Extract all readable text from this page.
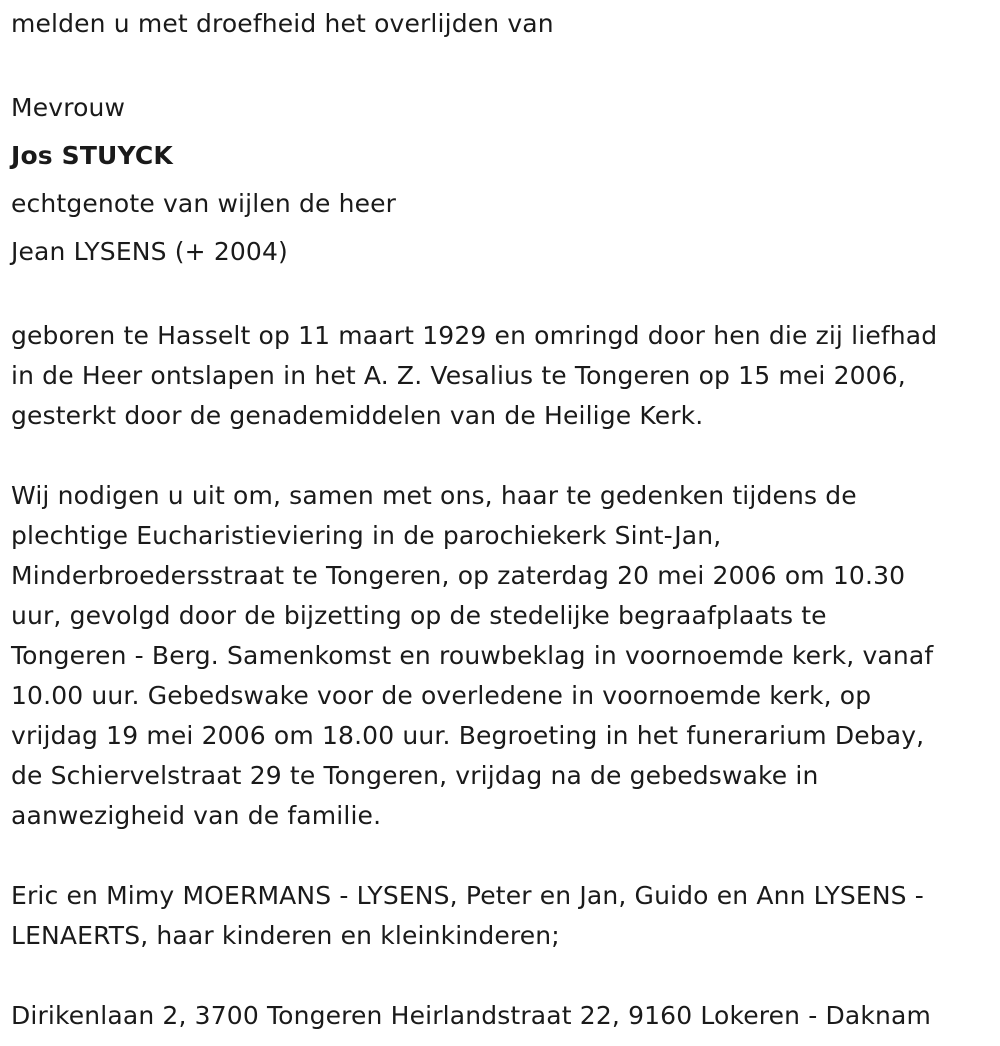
melden u met droefheid het overlijden van

Mevrouw

Jos STUYCK

echtgenote van wijlen de heer

Jean LYSENS (+ 2004)

geboren te Hasselt op 11 maart 1929 en omringd door hen die zij liefhad

in de Heer ontslapen in het A. Z. Vesalius te Tongeren op 15 mei 2006,

gesterkt door de genademiddelen van de Heilige Kerk.

Wij nodigen u uit om, samen met ons, haar te gedenken tijdens de

plechtige Eucharistieviering in de parochiekerk Sint-Jan,

Minderbroedersstraat te Tongeren, op zaterdag 20 mei 2006 om 10.30

uur, gevolgd door de bijzetting op de stedelijke begraafplaats te

Tongeren - Berg. Samenkomst en rouwbeklag in voornoemde kerk, vanaf

10.00 uur. Gebedswake voor de overledene in voornoemde kerk, op

vrijdag 19 mei 2006 om 18.00 uur. Begroeting in het funerarium Debay,

de Schiervelstraat 29 te Tongeren, vrijdag na de gebedswake in

aanwezigheid van de familie.

Eric en Mimy MOERMANS - LYSENS, Peter en Jan, Guido en Ann LYSENS -

LENAERTS, haar kinderen en kleinkinderen;

Dirikenlaan 2, 3700 Tongeren Heirlandstraat 22, 9160 Lokeren - Daknam
